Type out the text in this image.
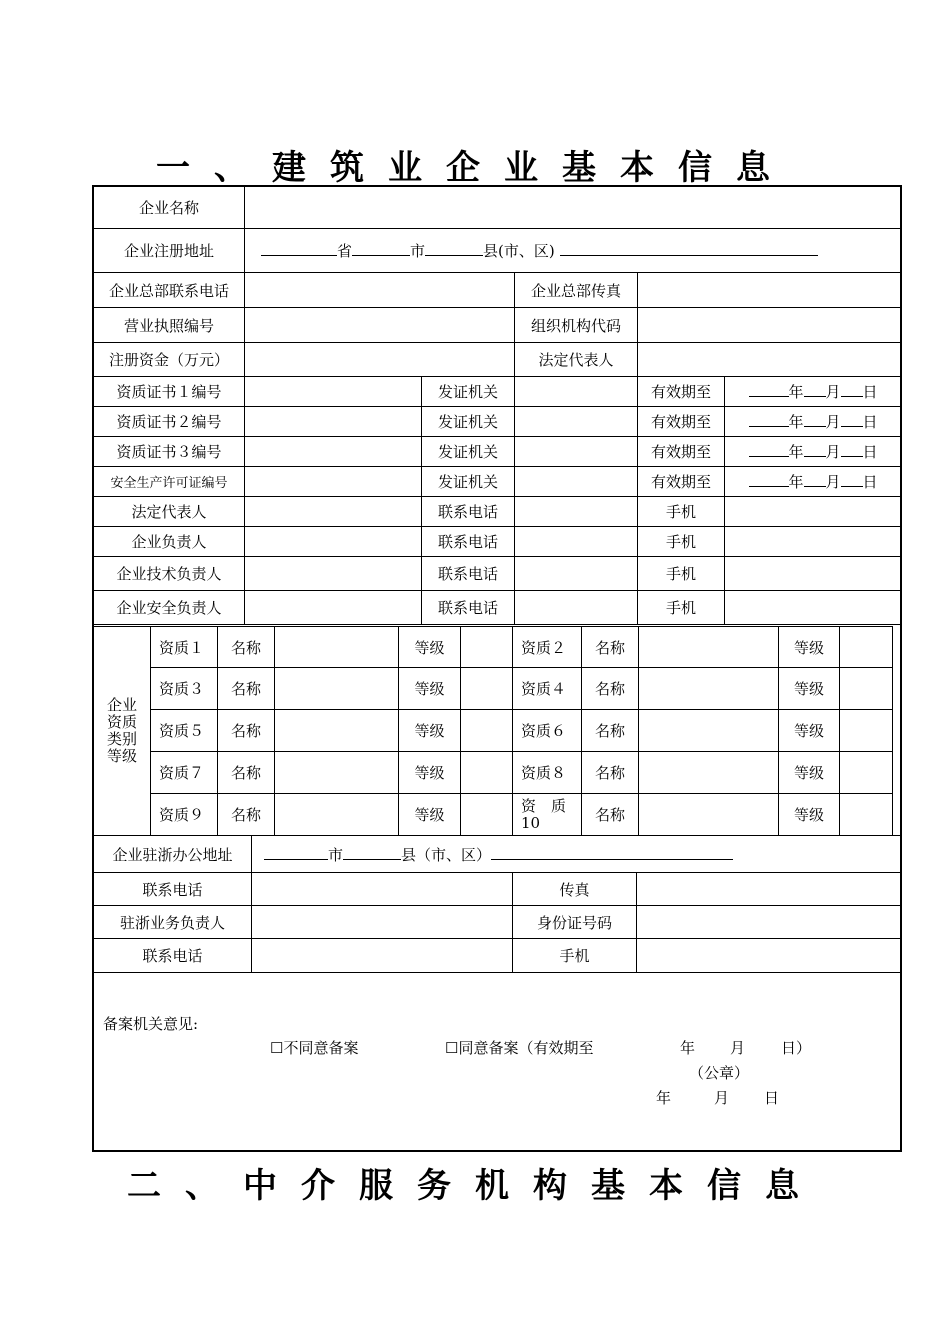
一、建筑业企业基本信息
企业名称					
企业注册地址	省 市 县(市、区)				
企业总部联系电话			企业总部传真		
营业执照编号			组织机构代码		
注册资金（万元）			法定代表人		
资质证书１编号		发证机关		有效期至	年 月 日
资质证书２编号		发证机关		有效期至	年 月 日
资质证书３编号		发证机关		有效期至	年 月 日
安全生产许可证编号		发证机关		有效期至	年 月 日
法定代表人		联系电话		手机	
企业负责人		联系电话		手机	
企业技术负责人		联系电话		手机	
企业安全负责人		联系电话		手机	
企业资质类别等级	资质１	名称		等级		资质２	名称		等级	
	资质３	名称		等级		资质４	名称		等级	
	资质５	名称		等级		资质６	名称		等级	
	资质７	名称		等级		资质８	名称		等级	
	资质９	名称		等级		资　质10	名称		等级	
企业驻浙办公地址	市 县（市、区）		
联系电话		传真	
驻浙业务负责人		身份证号码	
联系电话		手机	
备案机关意见:
☐不同意备案	☐同意备案（有效期至	年 月 日）
（公章）
年	月 日
二、中介服务机构基本信息
